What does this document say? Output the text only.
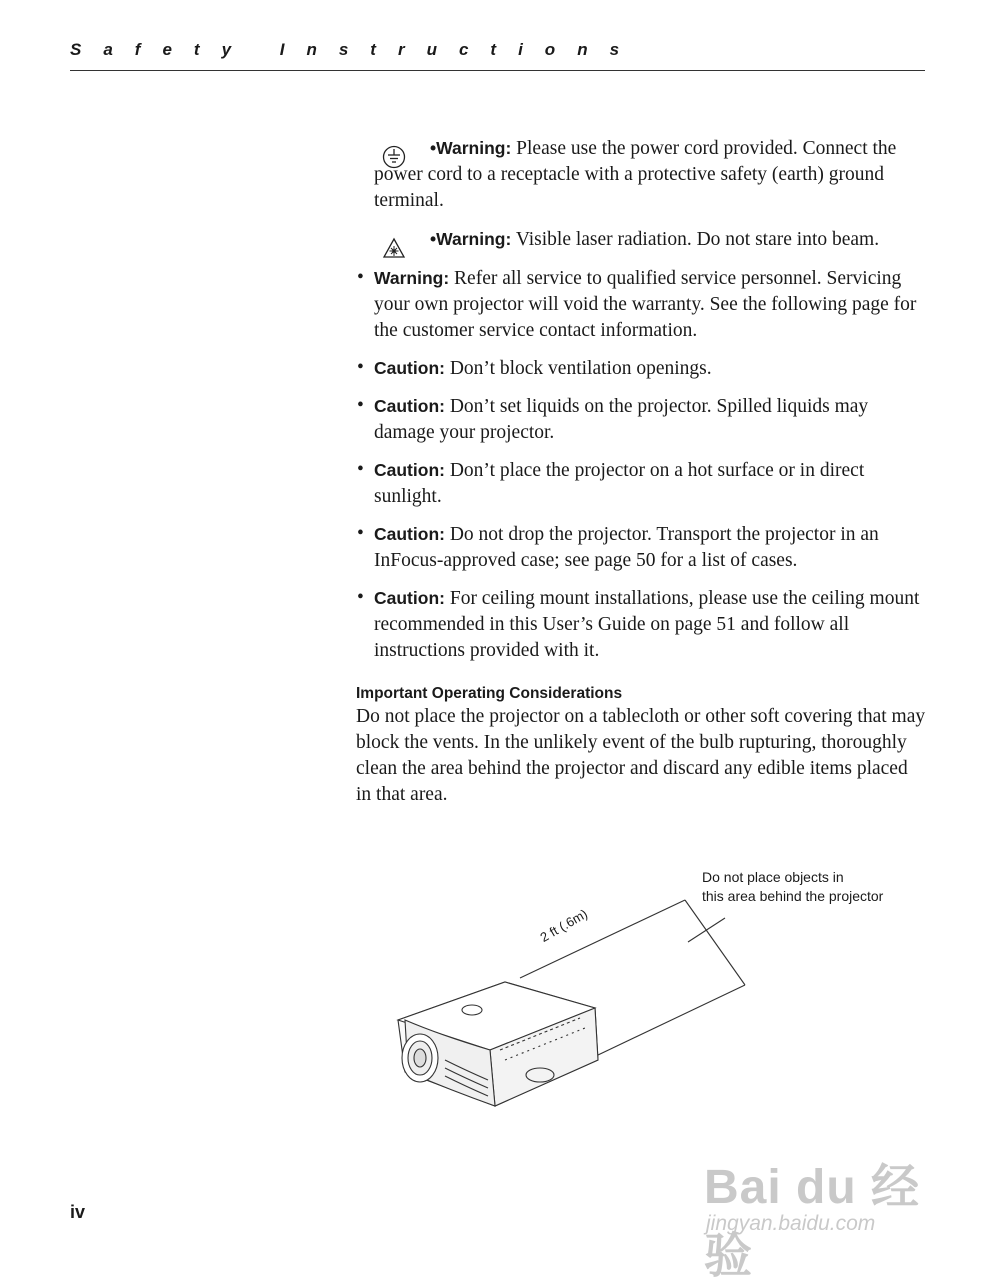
Safety Instructions
•Warning: Please use the power cord provided. Connect the power cord to a receptacle with a protective safety (earth) ground terminal.
•Warning: Visible laser radiation. Do not stare into beam.
• Warning: Refer all service to qualified service personnel. Servicing your own projector will void the warranty. See the following page for the customer service contact information.
• Caution: Don’t block ventilation openings.
• Caution: Don’t set liquids on the projector. Spilled liquids may damage your projector.
• Caution: Don’t place the projector on a hot surface or in direct sunlight.
• Caution: Do not drop the projector. Transport the projector in an InFocus-approved case; see page 50 for a list of cases.
• Caution: For ceiling mount installations, please use the ceiling mount recommended in this User’s Guide on page 51 and follow all instructions provided with it.
Important Operating Considerations
Do not place the projector on a tablecloth or other soft covering that may block the vents. In the unlikely event of the bulb rupturing, thoroughly clean the area behind the projector and discard any edible items placed in that area.
Do not place objects in
this area behind the projector
2 ft (.6m)
iv	Bai du 经验
jingyan.baidu.com
